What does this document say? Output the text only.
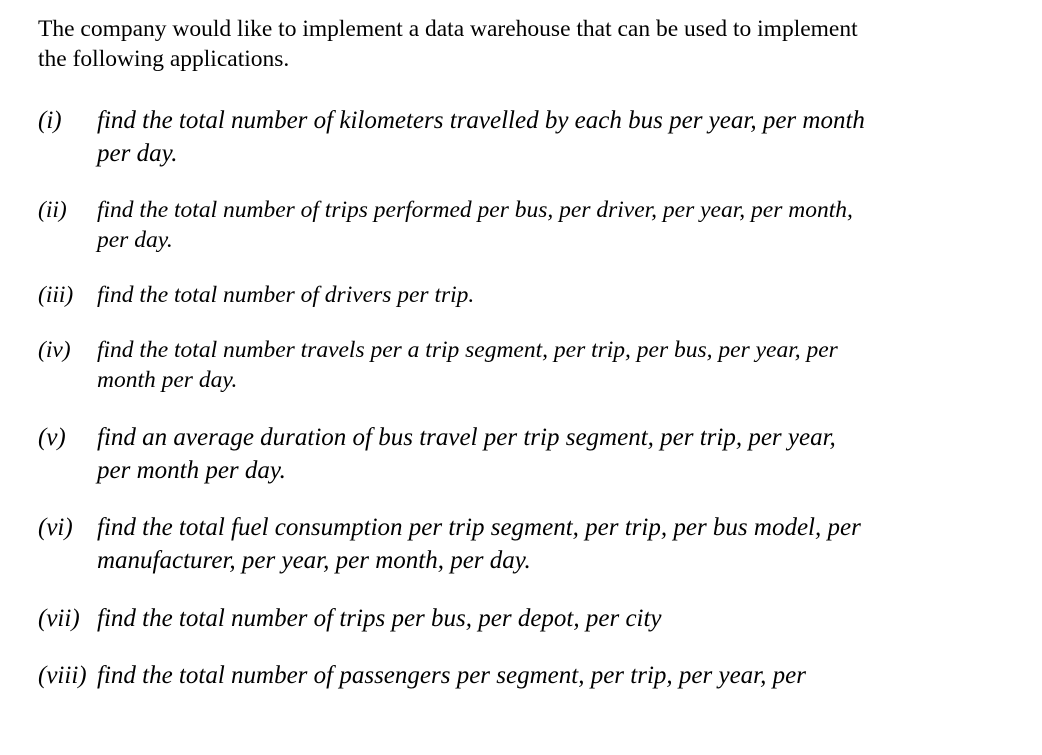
The company would like to implement a data warehouse that can be used to implement
the following applications.
(i)	find the total number of kilometers travelled by each bus per year, per month
per day.
(ii)	find the total number of trips performed per bus, per driver, per year, per month,
per day.
(iii)	find the total number of drivers per trip.
(iv)	find the total number travels per a trip segment, per trip, per bus, per year, per
month per day.
(v)	find an average duration of bus travel per trip segment, per trip, per year,
per month per day.
(vi) find the total fuel consumption per trip segment, per trip, per bus model, per
manufacturer, per year, per month, per day.
(vii) find the total number of trips per bus, per depot, per city
(viii) find the total number of passengers per segment, per trip, per year, per
